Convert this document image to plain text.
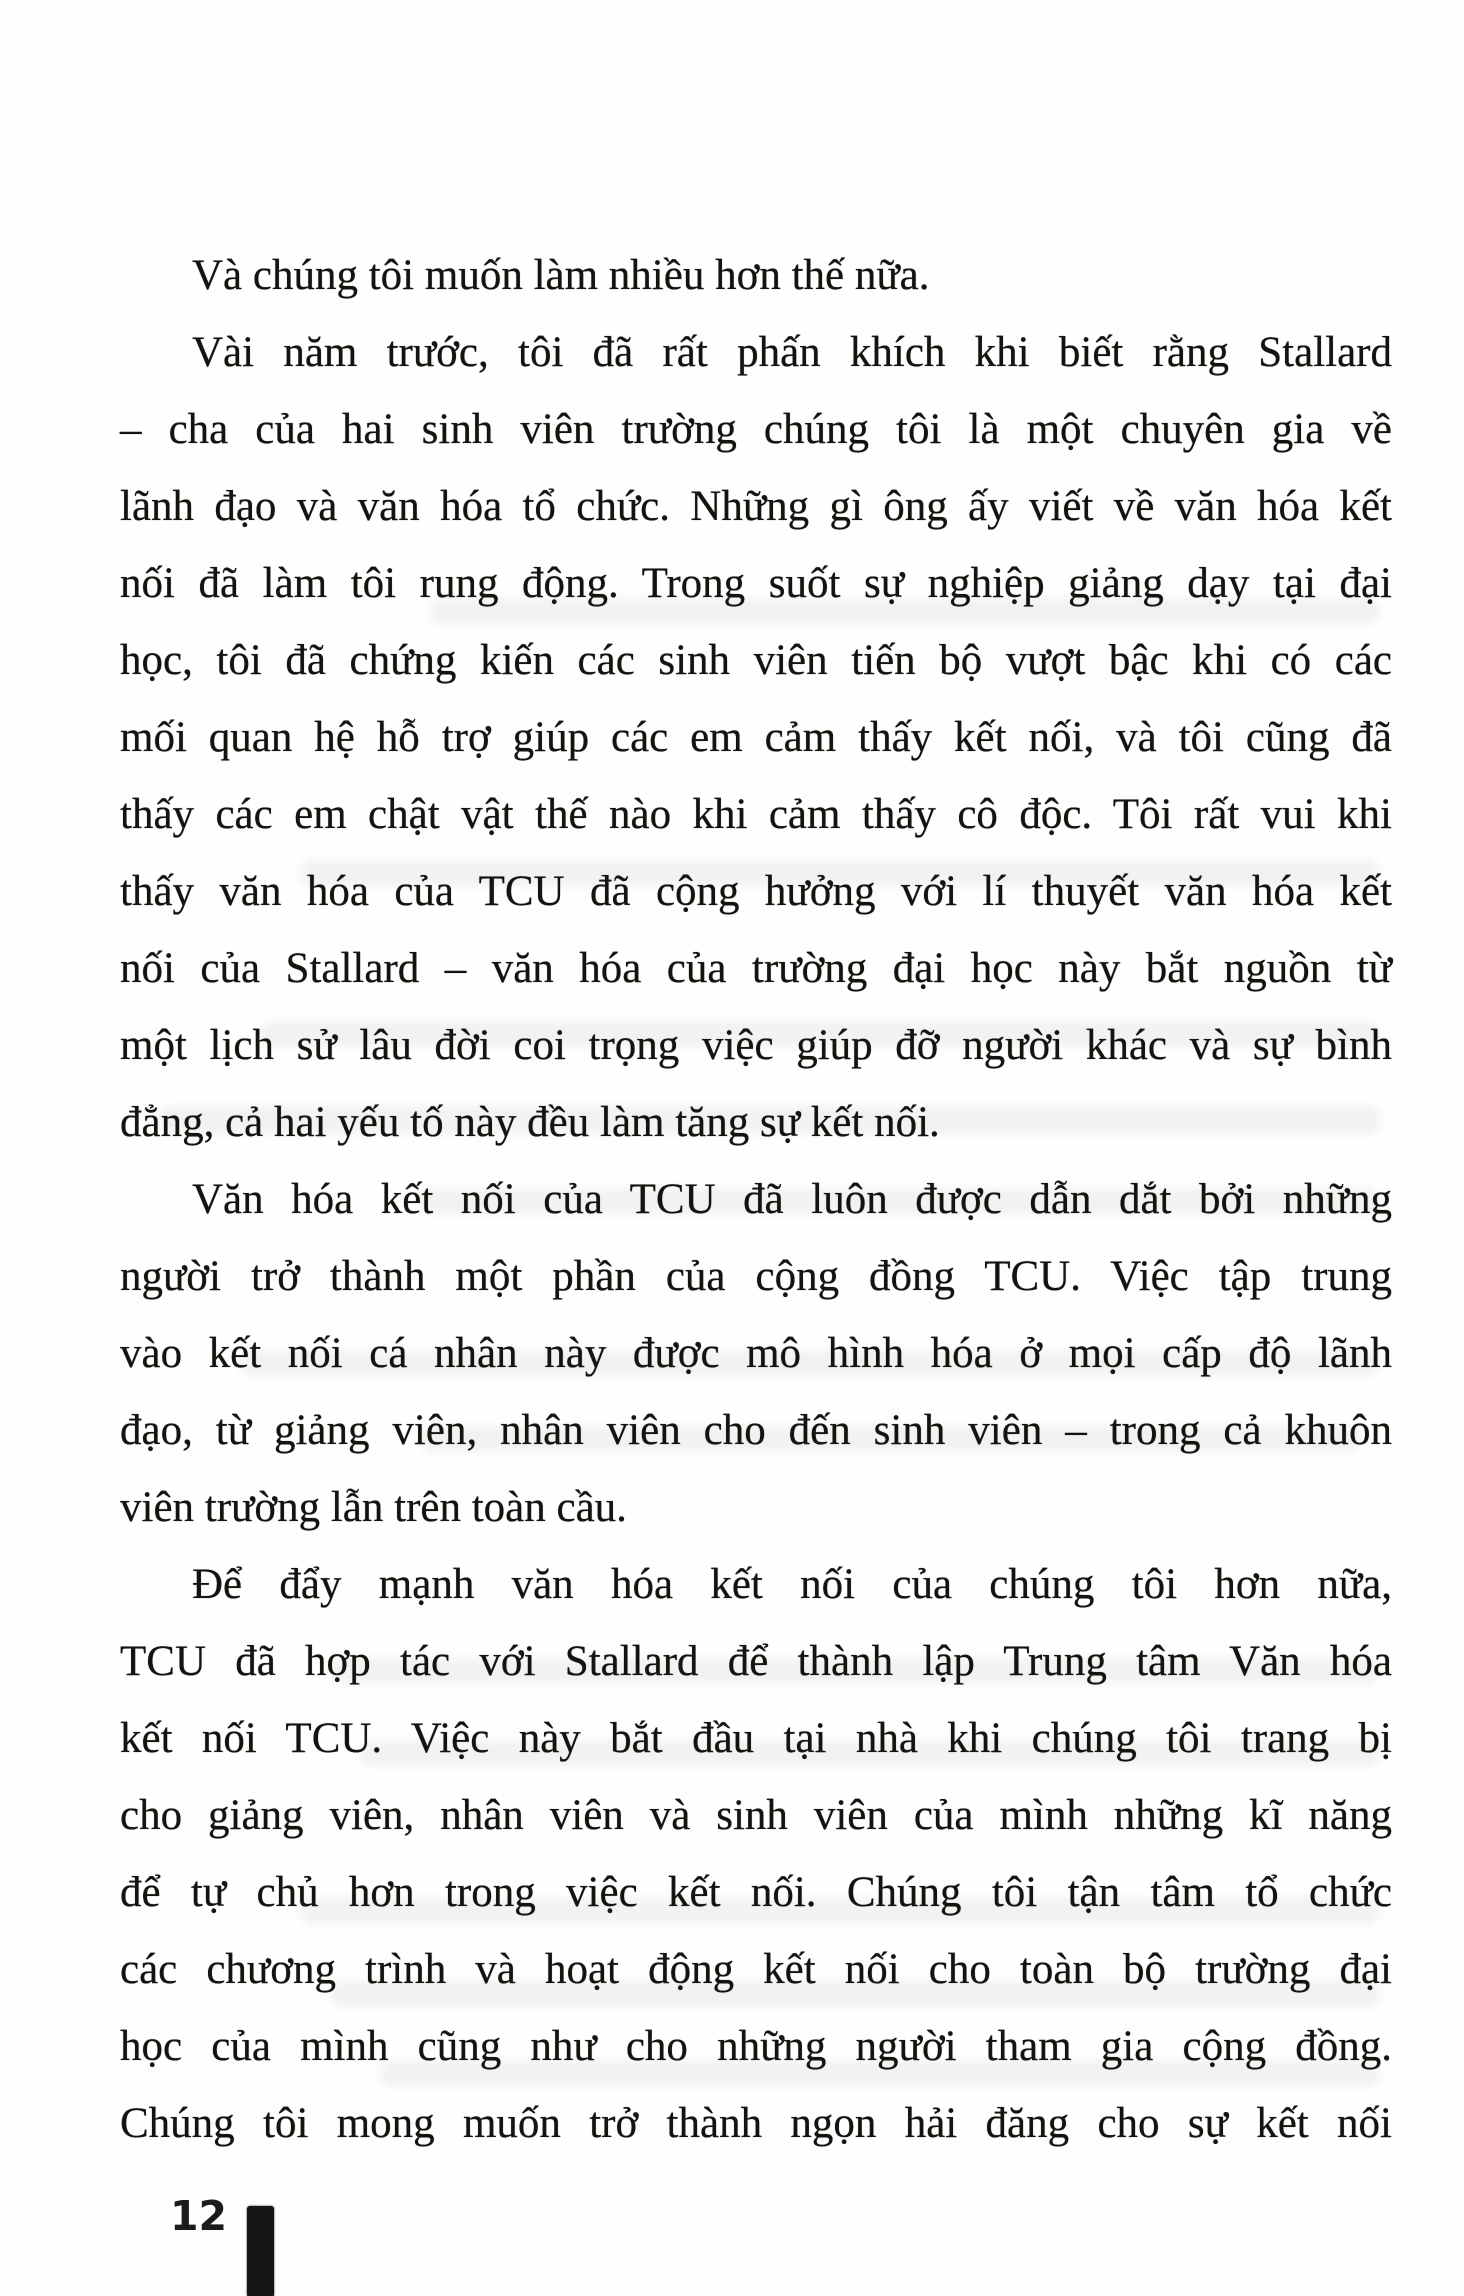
Và chúng tôi muốn làm nhiều hơn thế nữa.
Vài năm trước, tôi đã rất phấn khích khi biết rằng Stallard
– cha của hai sinh viên trường chúng tôi là một chuyên gia về
lãnh đạo và văn hóa tổ chức. Những gì ông ấy viết về văn hóa kết
nối đã làm tôi rung động. Trong suốt sự nghiệp giảng dạy tại đại
học, tôi đã chứng kiến các sinh viên tiến bộ vượt bậc khi có các
mối quan hệ hỗ trợ giúp các em cảm thấy kết nối, và tôi cũng đã
thấy các em chật vật thế nào khi cảm thấy cô độc. Tôi rất vui khi
thấy văn hóa của TCU đã cộng hưởng với lí thuyết văn hóa kết
nối của Stallard – văn hóa của trường đại học này bắt nguồn từ
một lịch sử lâu đời coi trọng việc giúp đỡ người khác và sự bình
đẳng, cả hai yếu tố này đều làm tăng sự kết nối.
Văn hóa kết nối của TCU đã luôn được dẫn dắt bởi những
người trở thành một phần của cộng đồng TCU. Việc tập trung
vào kết nối cá nhân này được mô hình hóa ở mọi cấp độ lãnh
đạo, từ giảng viên, nhân viên cho đến sinh viên – trong cả khuôn
viên trường lẫn trên toàn cầu.
Để đẩy mạnh văn hóa kết nối của chúng tôi hơn nữa,
TCU đã hợp tác với Stallard để thành lập Trung tâm Văn hóa
kết nối TCU. Việc này bắt đầu tại nhà khi chúng tôi trang bị
cho giảng viên, nhân viên và sinh viên của mình những kĩ năng
để tự chủ hơn trong việc kết nối. Chúng tôi tận tâm tổ chức
các chương trình và hoạt động kết nối cho toàn bộ trường đại
học của mình cũng như cho những người tham gia cộng đồng.
Chúng tôi mong muốn trở thành ngọn hải đăng cho sự kết nối
12
